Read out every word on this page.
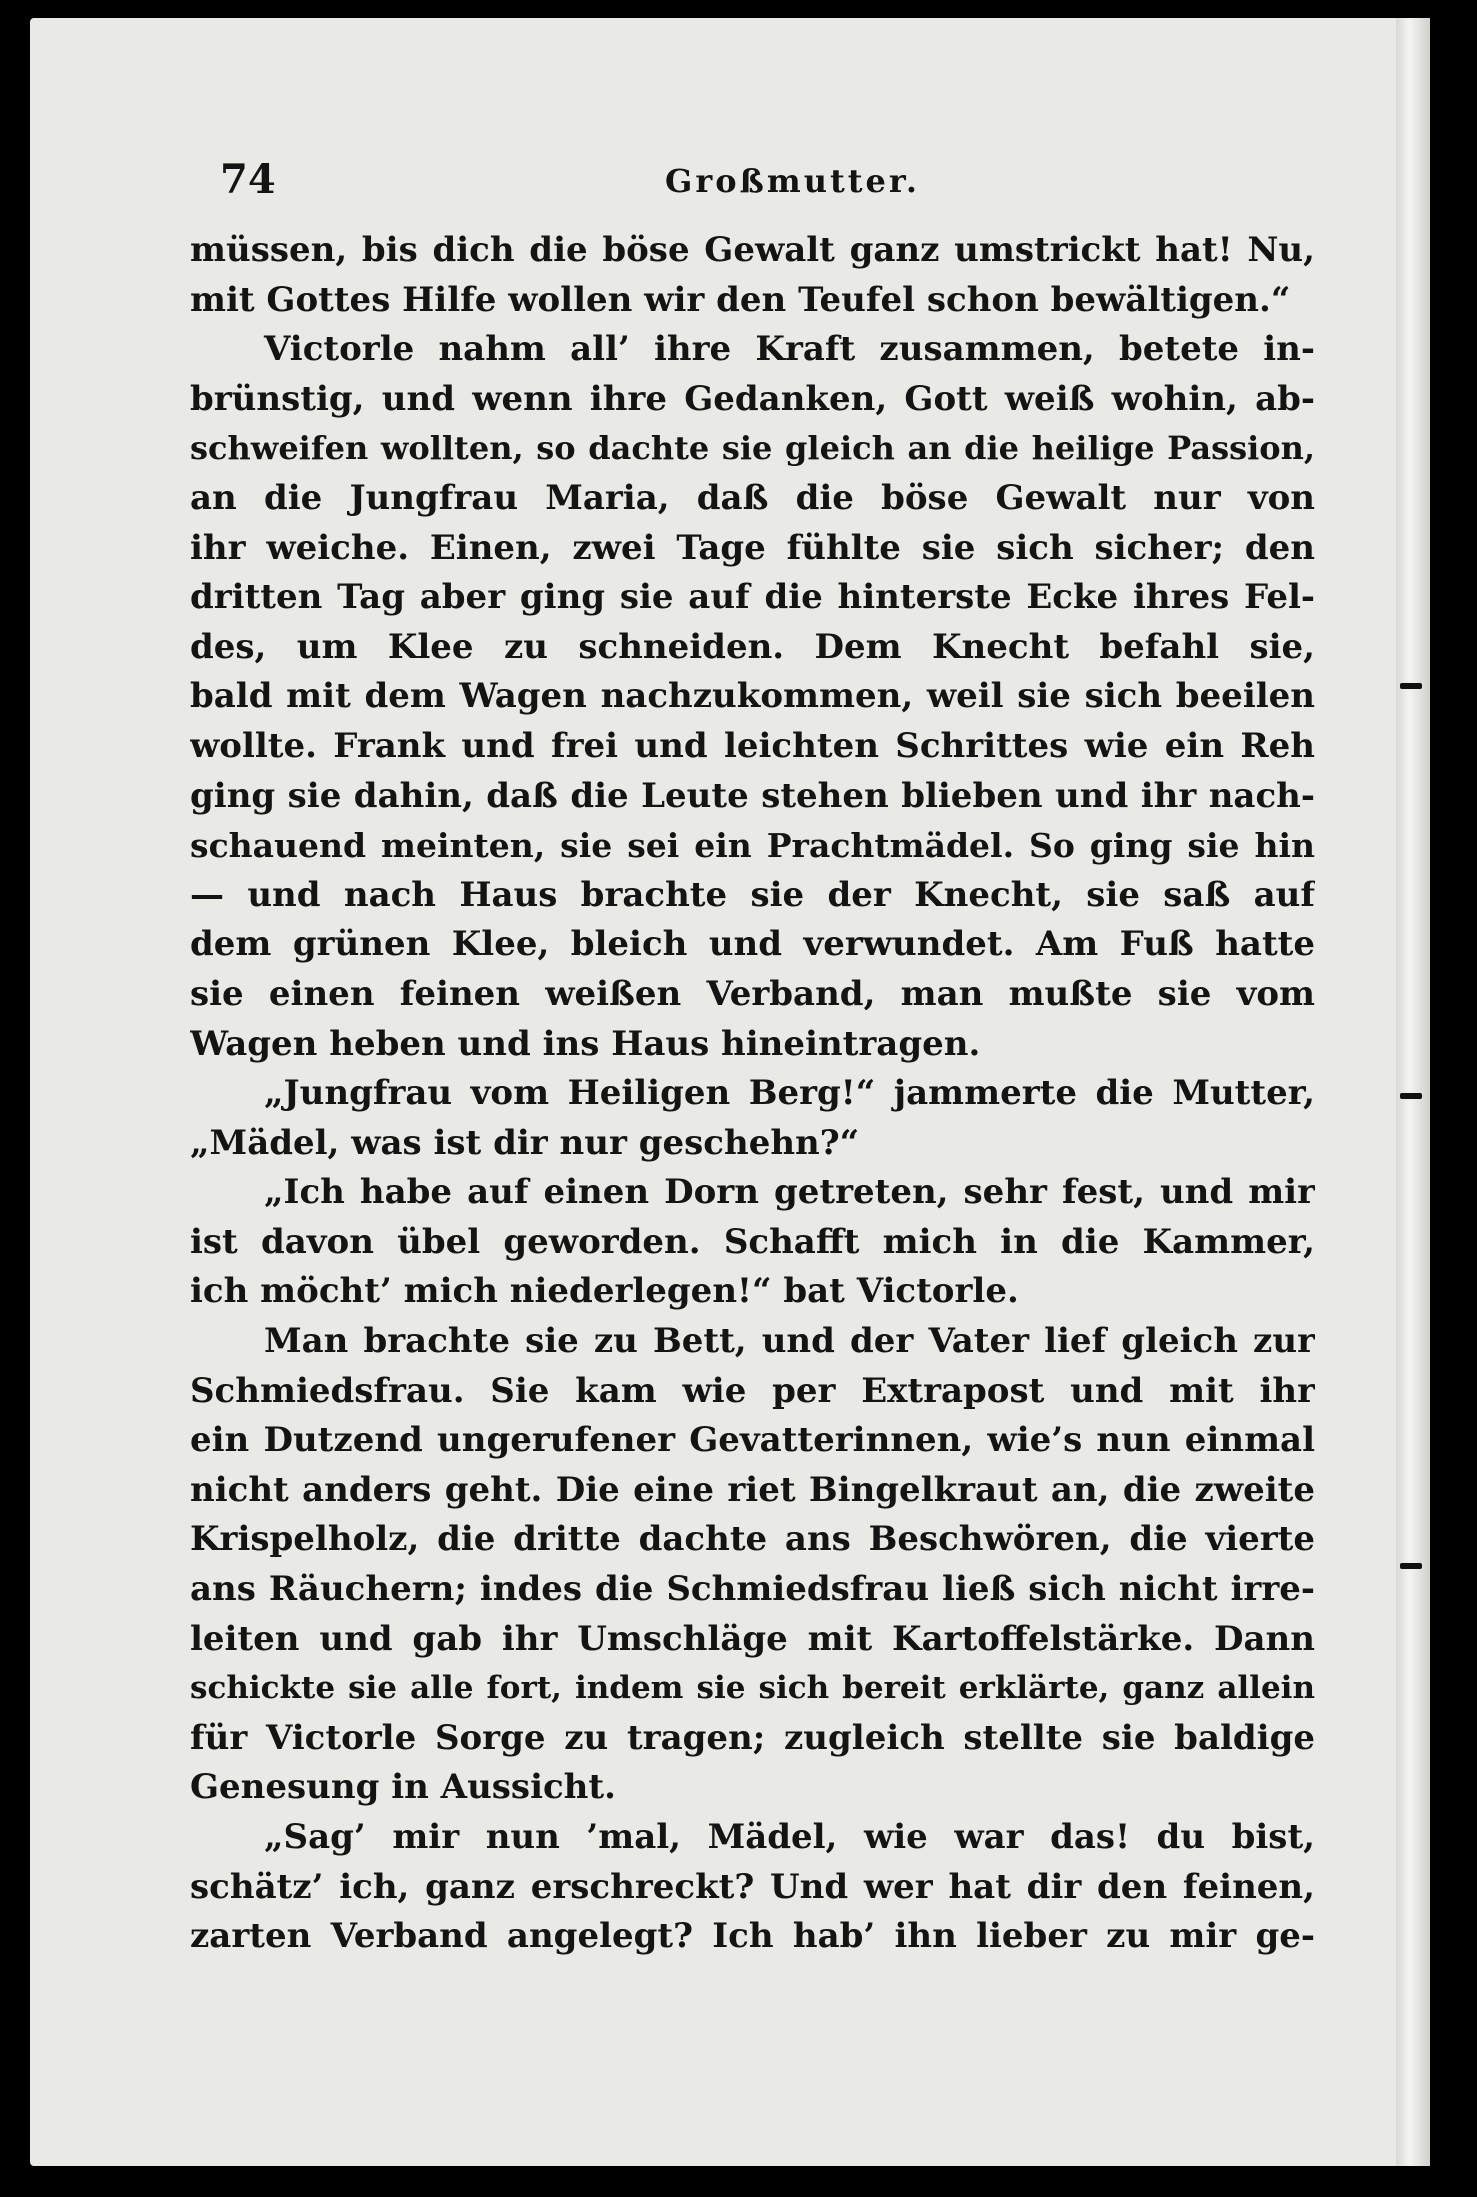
74	Großmutter.
müssen, bis dich die böse Gewalt ganz umstrickt hat! Nu,
mit Gottes Hilfe wollen wir den Teufel schon bewältigen.“
Victorle nahm all’ ihre Kraft zusammen, betete in-
brünstig, und wenn ihre Gedanken, Gott weiß wohin, ab-
schweifen wollten, so dachte sie gleich an die heilige Passion,
an die Jungfrau Maria, daß die böse Gewalt nur von
ihr weiche. Einen, zwei Tage fühlte sie sich sicher; den
dritten Tag aber ging sie auf die hinterste Ecke ihres Fel-
des, um Klee zu schneiden. Dem Knecht befahl sie,
bald mit dem Wagen nachzukommen, weil sie sich beeilen
wollte. Frank und frei und leichten Schrittes wie ein Reh
ging sie dahin, daß die Leute stehen blieben und ihr nach-
schauend meinten, sie sei ein Prachtmädel. So ging sie hin
— und nach Haus brachte sie der Knecht, sie saß auf
dem grünen Klee, bleich und verwundet. Am Fuß hatte
sie einen feinen weißen Verband, man mußte sie vom
Wagen heben und ins Haus hineintragen.
„Jungfrau vom Heiligen Berg!“ jammerte die Mutter,
„Mädel, was ist dir nur geschehn?“
„Ich habe auf einen Dorn getreten, sehr fest, und mir
ist davon übel geworden. Schafft mich in die Kammer,
ich möcht’ mich niederlegen!“ bat Victorle.
Man brachte sie zu Bett, und der Vater lief gleich zur
Schmiedsfrau. Sie kam wie per Extrapost und mit ihr
ein Dutzend ungerufener Gevatterinnen, wie’s nun einmal
nicht anders geht. Die eine riet Bingelkraut an, die zweite
Krispelholz, die dritte dachte ans Beschwören, die vierte
ans Räuchern; indes die Schmiedsfrau ließ sich nicht irre-
leiten und gab ihr Umschläge mit Kartoffelstärke. Dann
schickte sie alle fort, indem sie sich bereit erklärte, ganz allein
für Victorle Sorge zu tragen; zugleich stellte sie baldige
Genesung in Aussicht.
„Sag’ mir nun ’mal, Mädel, wie war das! du bist,
schätz’ ich, ganz erschreckt? Und wer hat dir den feinen,
zarten Verband angelegt? Ich hab’ ihn lieber zu mir ge-
